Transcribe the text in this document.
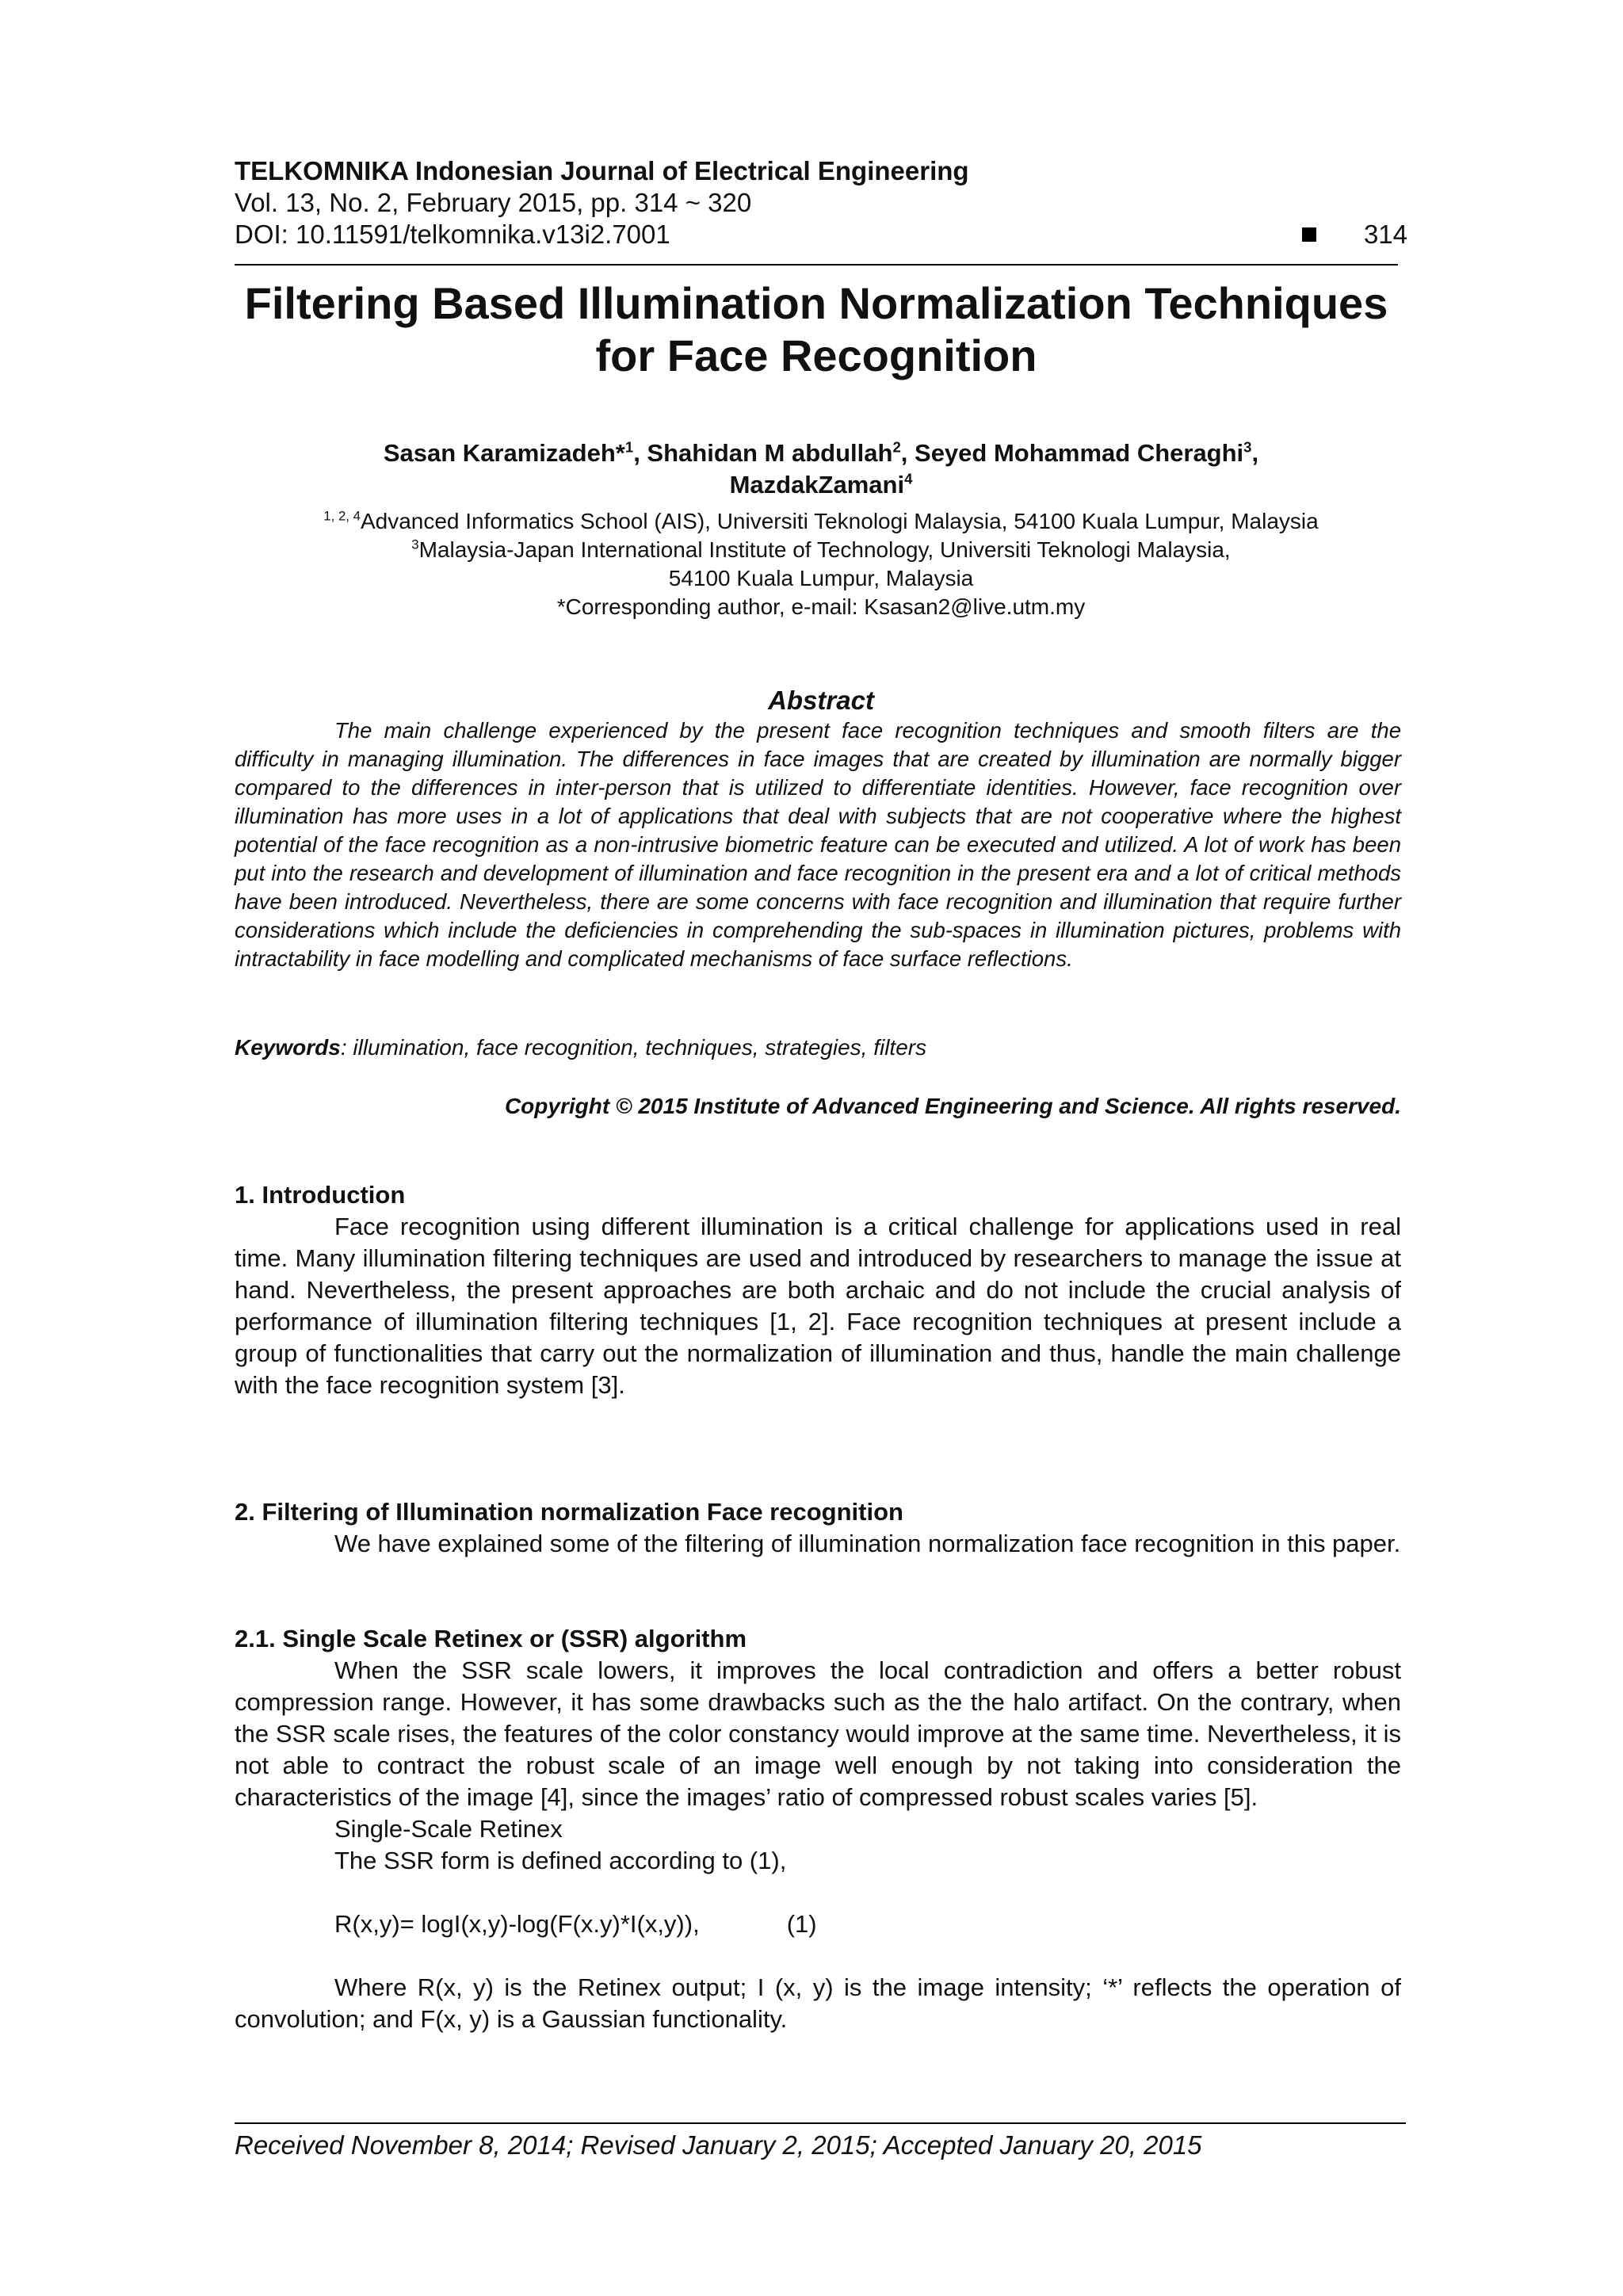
TELKOMNIKA Indonesian Journal of Electrical Engineering
Vol. 13, No. 2, February 2015, pp. 314 ~ 320
DOI: 10.11591/telkomnika.v13i2.7001	314
Filtering Based Illumination Normalization Techniques
for Face Recognition
Sasan Karamizadeh*$^1$, Shahidan M abdullah$^2$, Seyed Mohammad Cheraghi$^3$,
MazdakZamani$^4$
$^{1, 2, 4}$Advanced Informatics School (AIS), Universiti Teknologi Malaysia, 54100 Kuala Lumpur, Malaysia
$^3$Malaysia-Japan International Institute of Technology, Universiti Teknologi Malaysia,
54100 Kuala Lumpur, Malaysia
*Corresponding author, e-mail: Ksasan2@live.utm.my
Abstract

The main challenge experienced by the present face recognition techniques and smooth filters are the difficulty in managing illumination. The differences in face images that are created by illumination are normally bigger compared to the differences in inter-person that is utilized to differentiate identities. However, face recognition over illumination has more uses in a lot of applications that deal with subjects that are not cooperative where the highest potential of the face recognition as a non-intrusive biometric feature can be executed and utilized. A lot of work has been put into the research and development of illumination and face recognition in the present era and a lot of critical methods have been introduced. Nevertheless, there are some concerns with face recognition and illumination that require further considerations which include the deficiencies in comprehending the sub-spaces in illumination pictures, problems with intractability in face modelling and complicated mechanisms of face surface reflections.

Keywords: illumination, face recognition, techniques, strategies, filters

Copyright © 2015 Institute of Advanced Engineering and Science. All rights reserved.

1. Introduction

Face recognition using different illumination is a critical challenge for applications used in real time. Many illumination filtering techniques are used and introduced by researchers to manage the issue at hand. Nevertheless, the present approaches are both archaic and do not include the crucial analysis of performance of illumination filtering techniques [1, 2]. Face recognition techniques at present include a group of functionalities that carry out the normalization of illumination and thus, handle the main challenge with the face recognition system [3].

2. Filtering of Illumination normalization Face recognition

We have explained some of the filtering of illumination normalization face recognition in this paper.

2.1. Single Scale Retinex or (SSR) algorithm

When the SSR scale lowers, it improves the local contradiction and offers a better robust compression range. However, it has some drawbacks such as the the halo artifact. On the contrary, when the SSR scale rises, the features of the color constancy would improve at the same time. Nevertheless, it is not able to contract the robust scale of an image well enough by not taking into consideration the characteristics of the image [4], since the images’ ratio of compressed robust scales varies [5].

Single-Scale Retinex

The SSR form is defined according to (1),

R(x,y)= logI(x,y)-log(F(x.y)*I(x,y)),	(1)

Where R(x, y) is the Retinex output; I (x, y) is the image intensity; ‘*’ reflects the operation of convolution; and F(x, y) is a Gaussian functionality.

Received November 8, 2014; Revised January 2, 2015; Accepted January 20, 2015
